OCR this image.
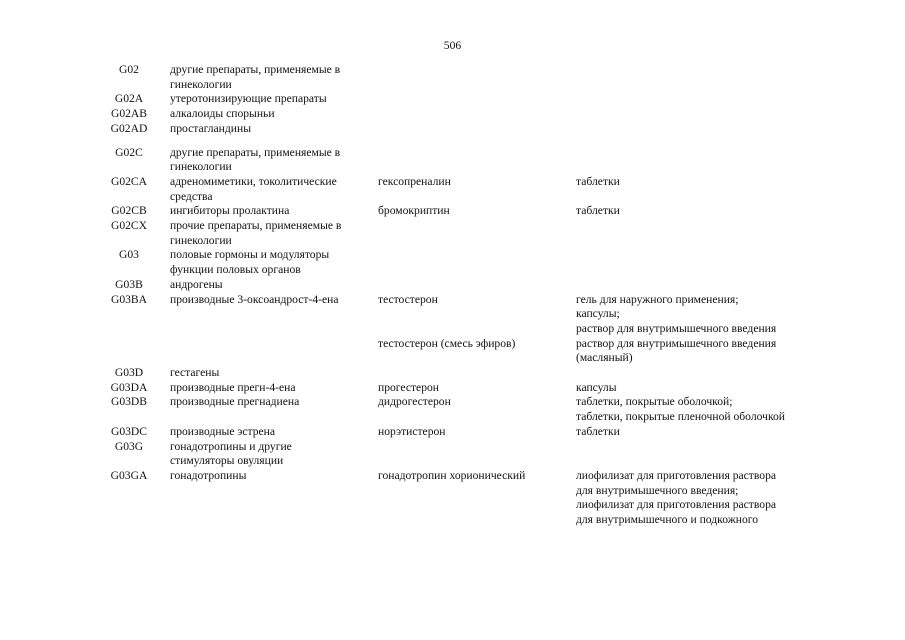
506
G02	другие препараты, применяемые в
гинекологии
G02A	утеротонизирующие препараты
G02AB	алкалоиды спорыньи
G02AD	простагландины
G02C	другие препараты, применяемые в
гинекологии
G02CA	адреномиметики, токолитические
средства
гексопреналин	таблетки
G02CB	ингибиторы пролактина	бромокриптин	таблетки
G02CX	прочие препараты, применяемые в
гинекологии
G03	половые гормоны и модуляторы
функции половых органов
G03B	андрогены
G03BA	производные 3-оксоандрост-4-ена	тестостерон	гель для наружного применения;
капсулы;
раствор для внутримышечного введения
тестостерон (смесь эфиров)	раствор для внутримышечного введения
(масляный)
G03D	гестагены
G03DA	производные прегн-4-ена	прогестерон	капсулы
G03DB	производные прегнадиена	дидрогестерон	таблетки, покрытые оболочкой;
таблетки, покрытые пленочной оболочкой
G03DC	производные эстрена	норэтистерон	таблетки
G03G	гонадотропины и другие
стимуляторы овуляции
G03GA	гонадотропины	гонадотропин хорионический	лиофилизат для приготовления раствора
для внутримышечного введения;
лиофилизат для приготовления раствора
для внутримышечного и подкожного
